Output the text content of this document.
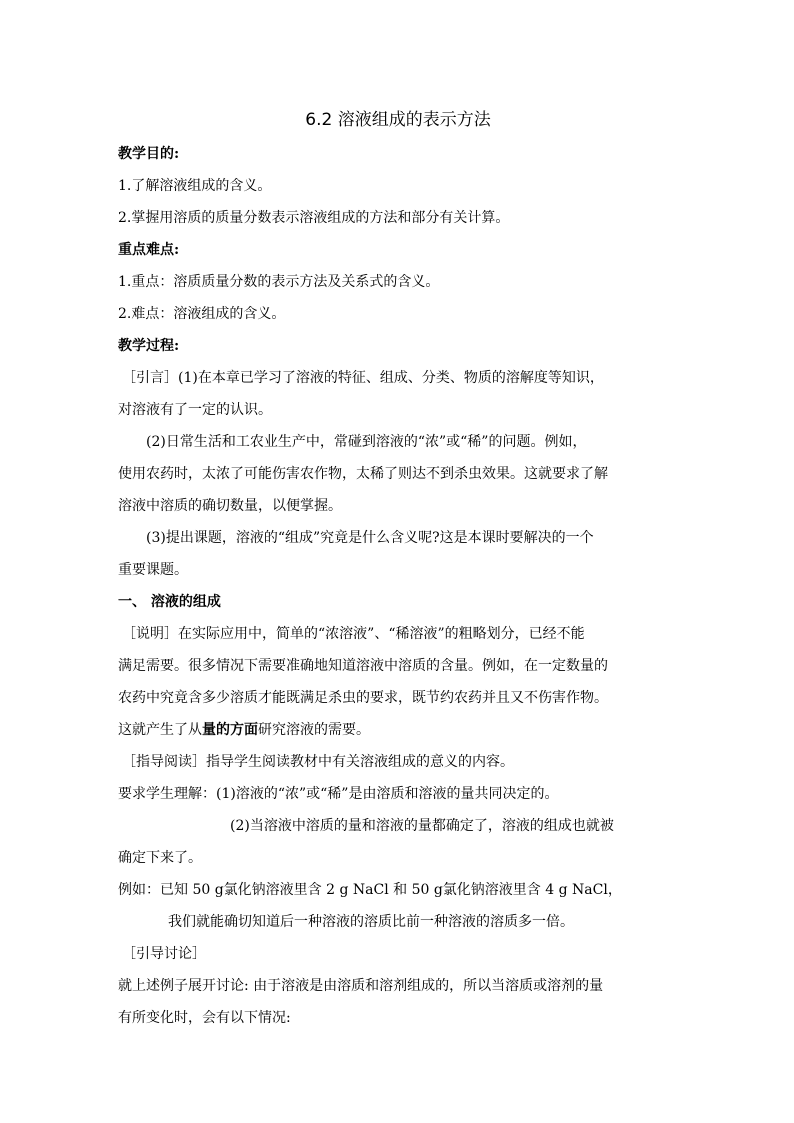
6.2 溶液组成的表示方法
教学目的:
1.了解溶液组成的含义。
2.掌握用溶质的质量分数表示溶液组成的方法和部分有关计算。
重点难点:
1.重点：溶质质量分数的表示方法及关系式的含义。
2.难点：溶液组成的含义。
教学过程:
［引言］(1)在本章已学习了溶液的特征、组成、分类、物质的溶解度等知识，
对溶液有了一定的认识。
(2)日常生活和工农业生产中，常碰到溶液的“浓”或“稀”的问题。例如，
使用农药时，太浓了可能伤害农作物，太稀了则达不到杀虫效果。这就要求了解
溶液中溶质的确切数量，以便掌握。
(3)提出课题，溶液的“组成”究竟是什么含义呢?这是本课时要解决的一个
重要课题。
一、 溶液的组成
［说明］在实际应用中，简单的“浓溶液”、“稀溶液”的粗略划分，已经不能
满足需要。很多情况下需要准确地知道溶液中溶质的含量。例如，在一定数量的
农药中究竟含多少溶质才能既满足杀虫的要求，既节约农药并且又不伤害作物。
这就产生了从量的方面研究溶液的需要。
［指导阅读］指导学生阅读教材中有关溶液组成的意义的内容。
要求学生理解：(1)溶液的“浓”或“稀”是由溶质和溶液的量共同决定的。
(2)当溶液中溶质的量和溶液的量都确定了，溶液的组成也就被
确定下来了。
例如：已知 50 g氯化钠溶液里含 2 g NaCl 和 50 g氯化钠溶液里含 4 g NaCl，
我们就能确切知道后一种溶液的溶质比前一种溶液的溶质多一倍。
［引导讨论］
就上述例子展开讨论: 由于溶液是由溶质和溶剂组成的，所以当溶质或溶剂的量
有所变化时，会有以下情况:
